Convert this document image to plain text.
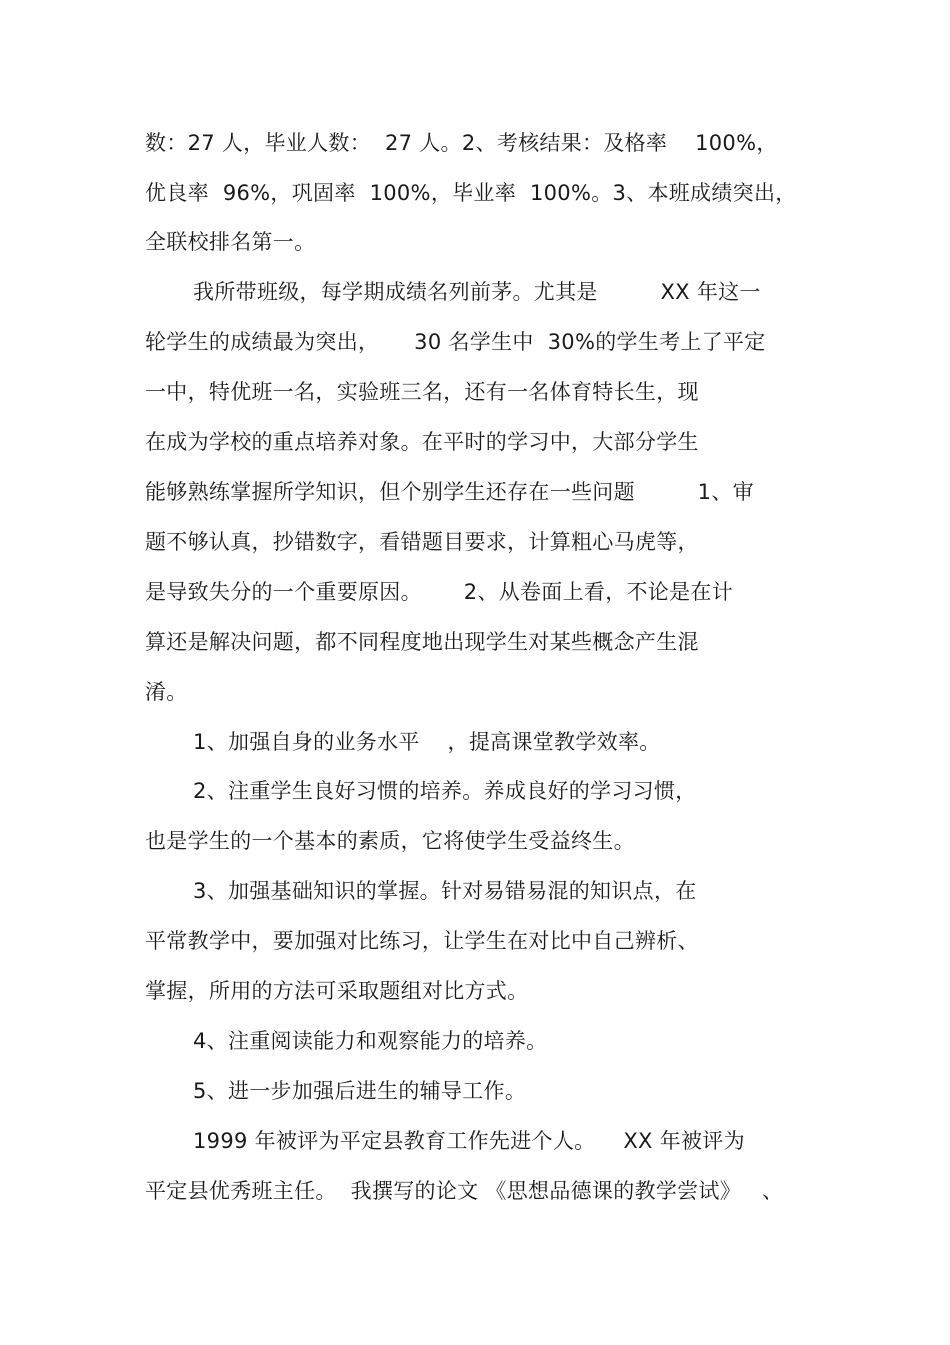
数：27 人，毕业人数：  27 人。2、考核结果：及格率    100%，
优良率  96%，巩固率  100%，毕业率  100%。3、本班成绩突出，
全联校排名第一。
我所带班级，每学期成绩名列前茅。尤其是         XX 年这一
轮学生的成绩最为突出，     30 名学生中  30%的学生考上了平定
一中，特优班一名，实验班三名，还有一名体育特长生，现
在成为学校的重点培养对象。在平时的学习中，大部分学生
能够熟练掌握所学知识，但个别学生还存在一些问题         1、审
题不够认真，抄错数字，看错题目要求，计算粗心马虎等，
是导致失分的一个重要原因。      2、从卷面上看，不论是在计
算还是解决问题，都不同程度地出现学生对某些概念产生混
淆。
1、加强自身的业务水平    ，提高课堂教学效率。
2、注重学生良好习惯的培养。养成良好的学习习惯，
也是学生的一个基本的素质，它将使学生受益终生。
3、加强基础知识的掌握。针对易错易混的知识点，在
平常教学中，要加强对比练习，让学生在对比中自己辨析、
掌握，所用的方法可采取题组对比方式。
4、注重阅读能力和观察能力的培养。
5、进一步加强后进生的辅导工作。
1999 年被评为平定县教育工作先进个人。    XX 年被评为
平定县优秀班主任。  我撰写的论文 《思想品德课的教学尝试》   、
